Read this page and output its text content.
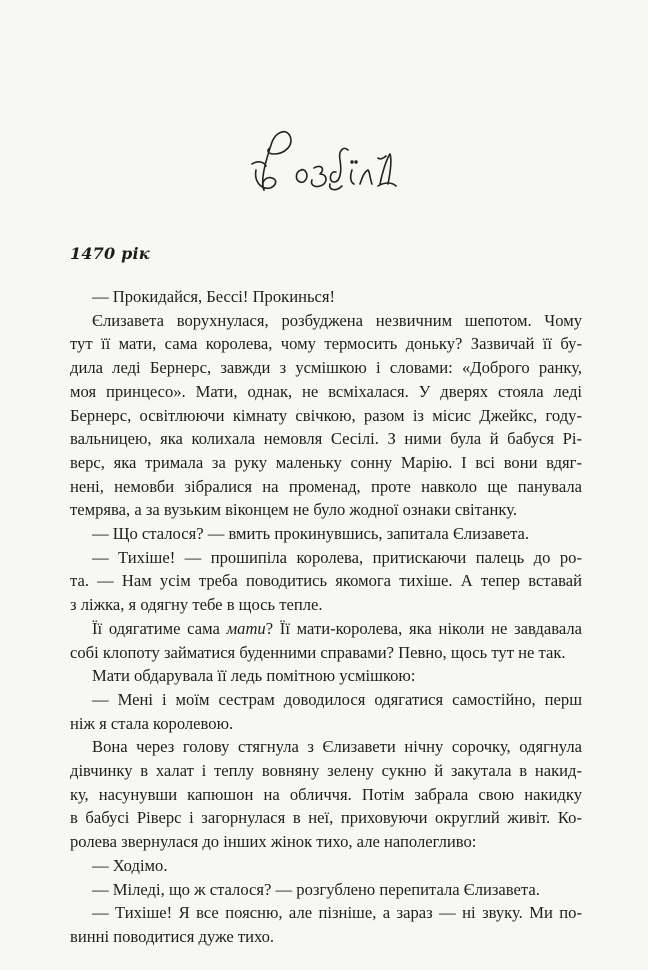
1470 рік
— Прокидайся, Бессі! Прокинься!
Єлизавета ворухнулася, розбуджена незвичним шепотом. Чому
тут її мати, сама королева, чому термосить доньку? Зазвичай її бу-
дила леді Бернерс, завжди з усмішкою і словами: «Доброго ранку,
моя принцесо». Мати, однак, не всміхалася. У дверях стояла леді
Бернерс, освітлюючи кімнату свічкою, разом із місис Джейкс, году-
вальницею, яка колихала немовля Сесілі. З ними була й бабуся Рі-
верс, яка тримала за руку маленьку сонну Марію. І всі вони вдяг-
нені, немовби зібралися на променад, проте навколо ще панувала
темрява, а за вузьким віконцем не було жодної ознаки світанку.
— Що сталося? — вмить прокинувшись, запитала Єлизавета.
— Тихіше! — прошипіла королева, притискаючи палець до ро-
та. — Нам усім треба поводитись якомога тихіше. А тепер вставай
з ліжка, я одягну тебе в щось тепле.
Її одягатиме сама мати? Її мати-королева, яка ніколи не завдавала
собі клопоту займатися буденними справами? Певно, щось тут не так.
Мати обдарувала її ледь помітною усмішкою:
— Мені і моїм сестрам доводилося одягатися самостійно, перш
ніж я стала королевою.
Вона через голову стягнула з Єлизавети нічну сорочку, одягнула
дівчинку в халат і теплу вовняну зелену сукню й закутала в накид-
ку, насунувши капюшон на обличчя. Потім забрала свою накидку
в бабусі Ріверс і загорнулася в неї, приховуючи округлий живіт. Ко-
ролева звернулася до інших жінок тихо, але наполегливо:
— Ходімо.
— Міледі, що ж сталося? — розгублено перепитала Єлизавета.
— Тихіше! Я все поясню, але пізніше, а зараз — ні звуку. Ми по-
винні поводитися дуже тихо.
